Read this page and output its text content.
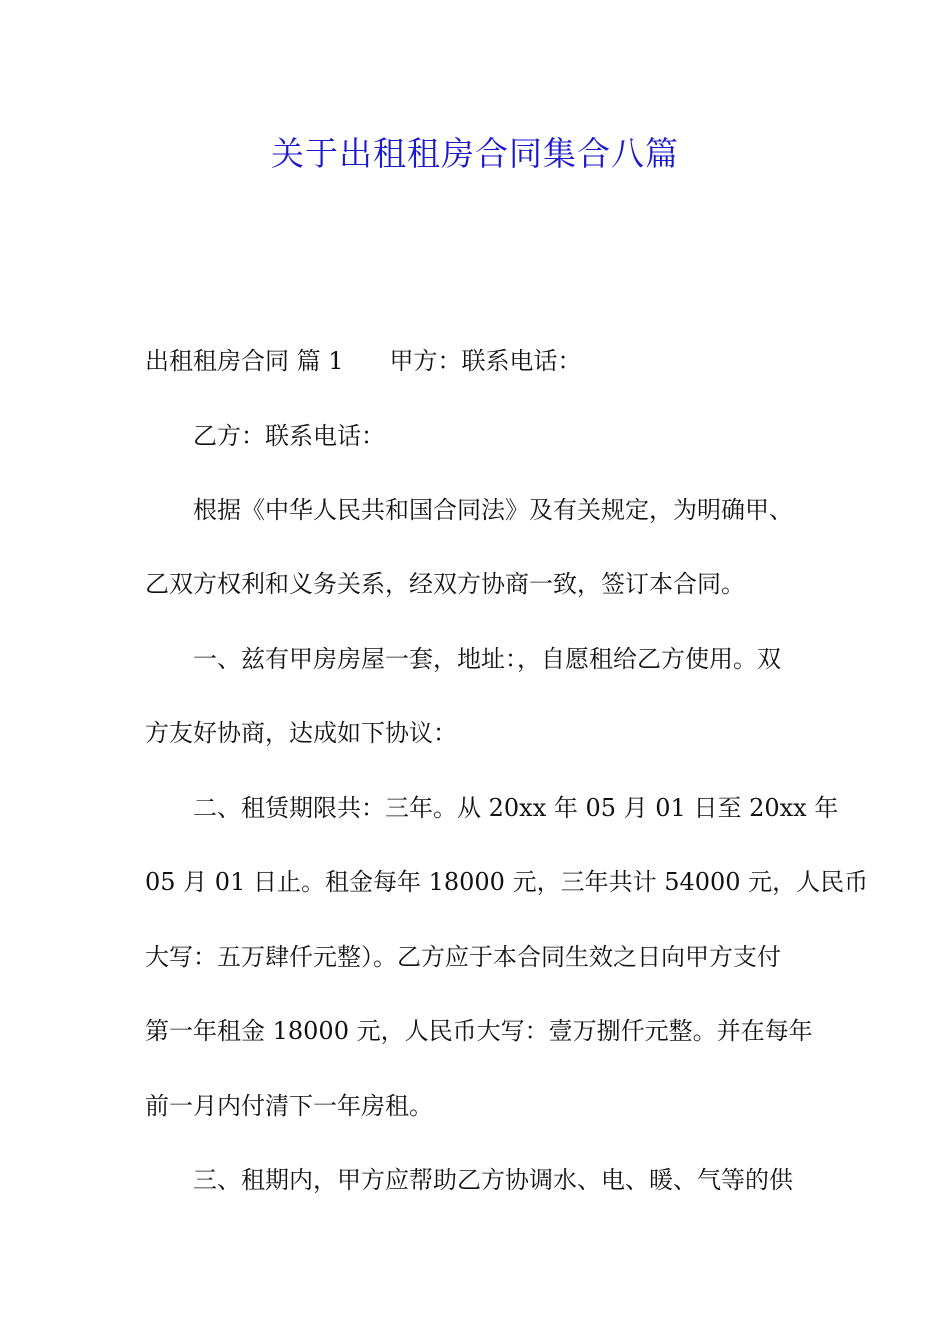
关于出租租房合同集合八篇

出租租房合同 篇 1 甲方：联系电话：

乙方：联系电话：

根据《中华人民共和国合同法》及有关规定，为明确甲、

乙双方权利和义务关系，经双方协商一致，签订本合同。

一、兹有甲房房屋一套，地址：，自愿租给乙方使用。双

方友好协商，达成如下协议：

二、租赁期限共：三年。从 20xx 年 05 月 01 日至 20xx 年

05 月 01 日止。租金每年 18000 元，三年共计 54000 元，人民币

大写：五万肆仟元整）。乙方应于本合同生效之日向甲方支付

第一年租金 18000 元，人民币大写：壹万捌仟元整。并在每年

前一月内付清下一年房租。

三、租期内，甲方应帮助乙方协调水、电、暖、气等的供
